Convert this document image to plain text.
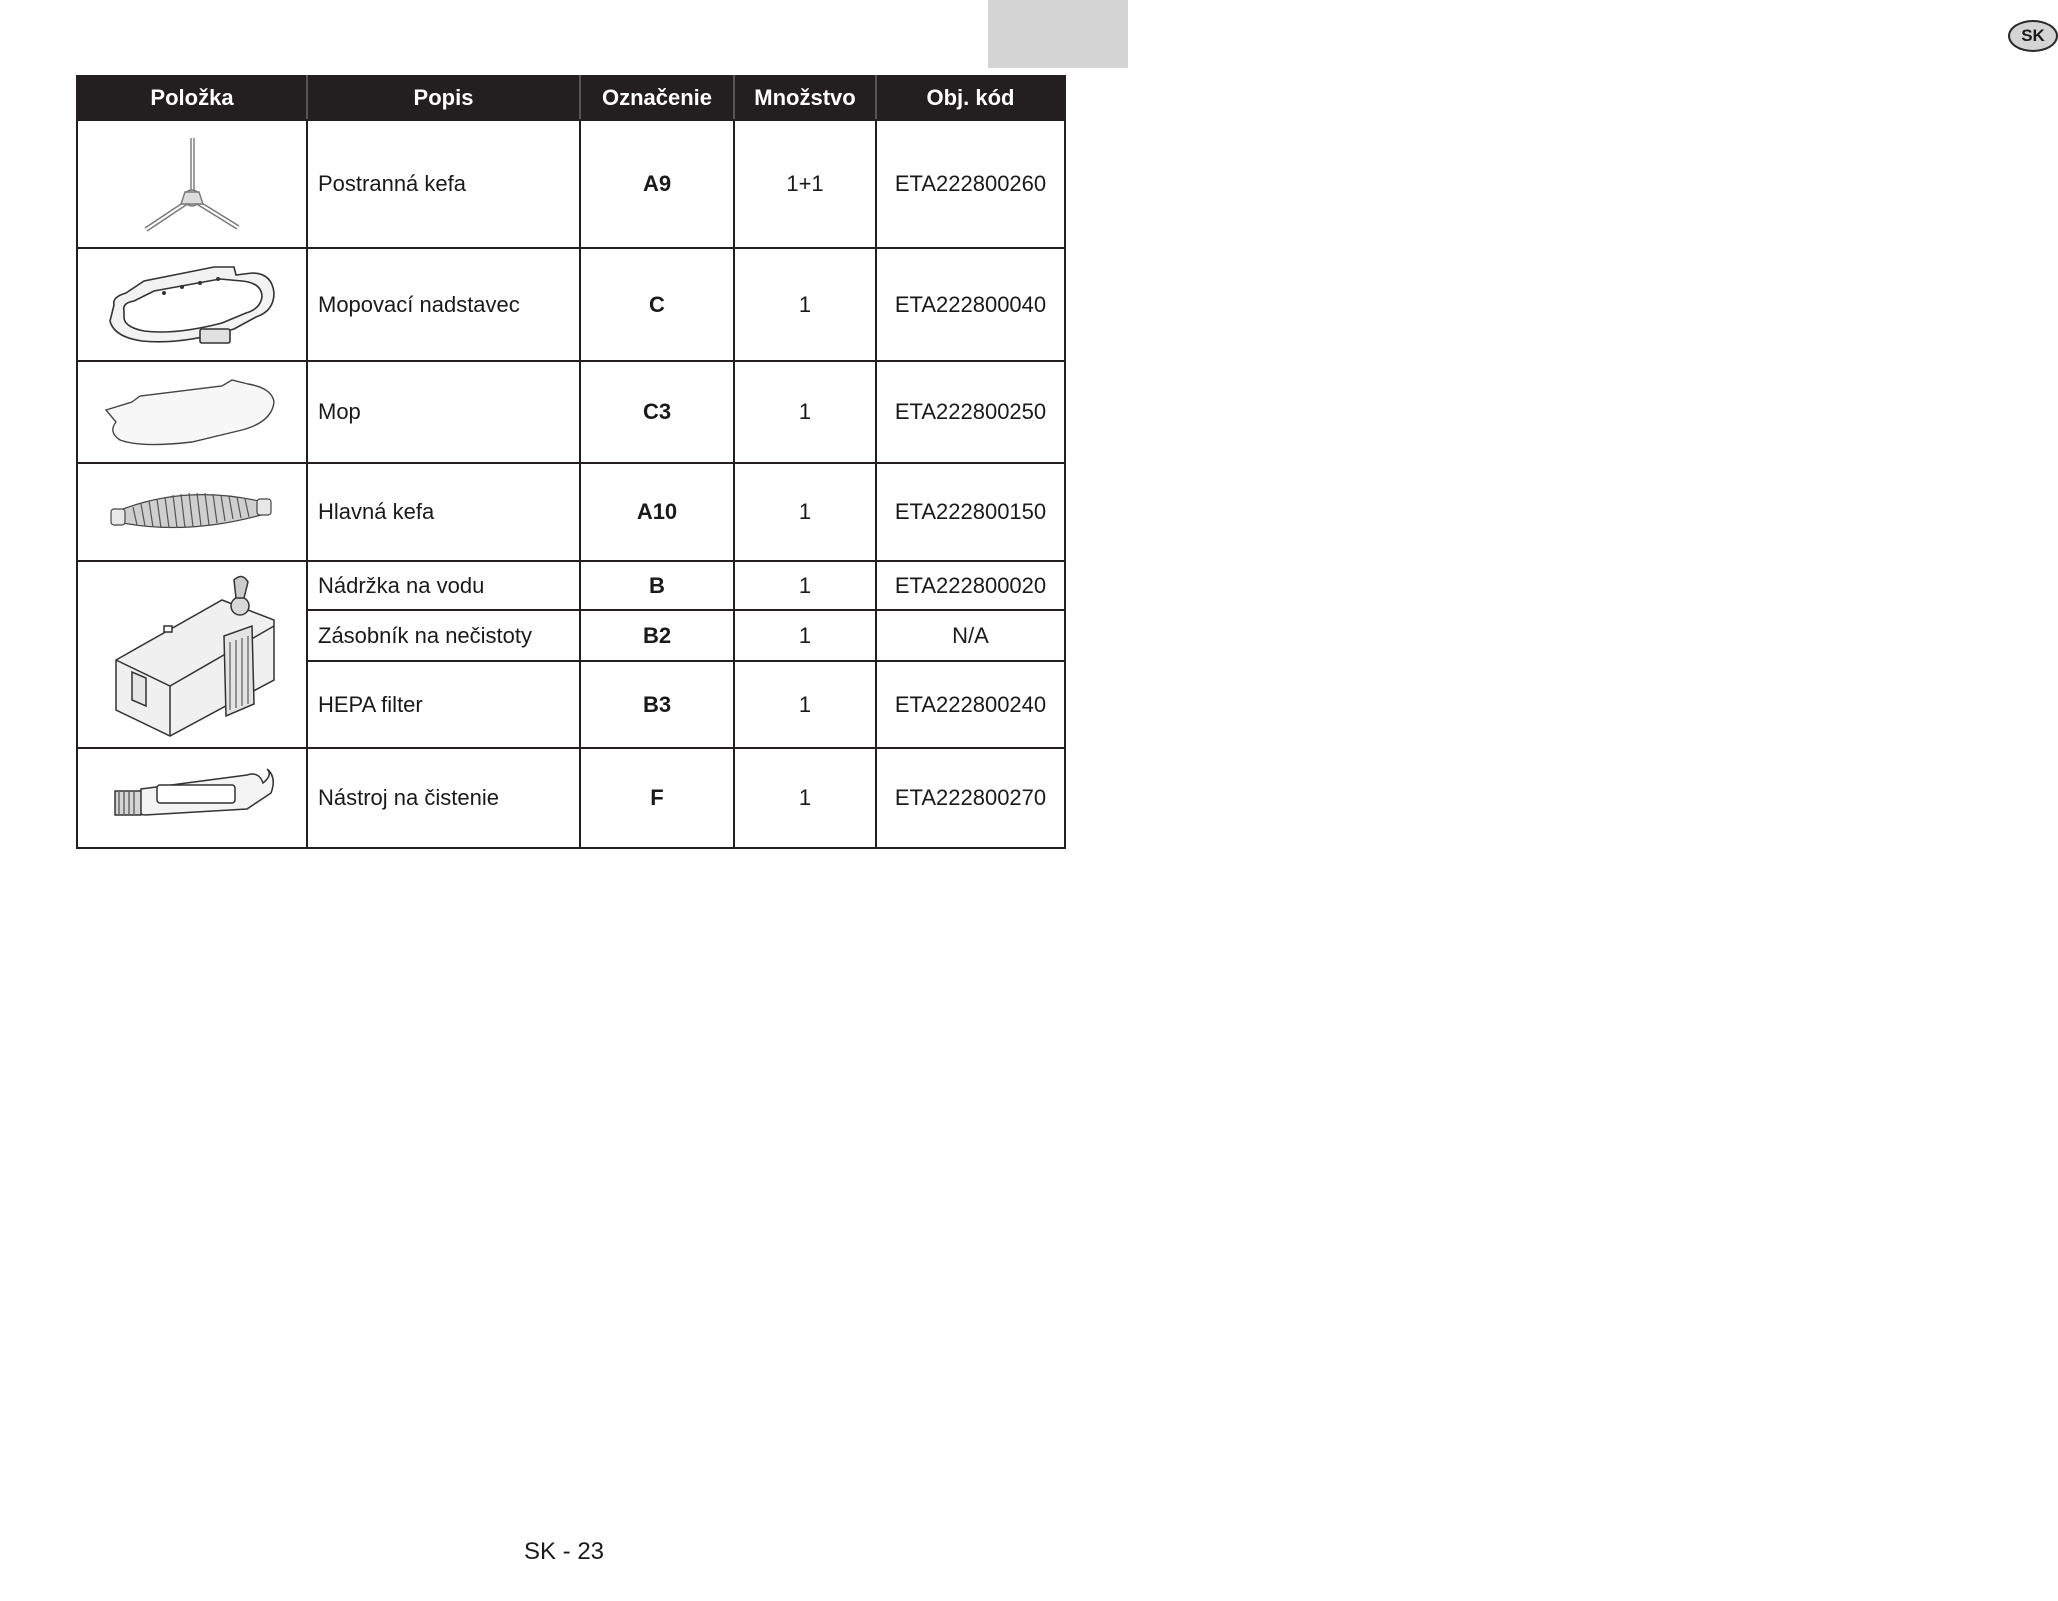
SK
Položka	Popis	Označenie	Množstvo	Obj. kód

	Postranná kefa	A9	1+1	ETA222800260

	Mopovací nadstavec	C	1	ETA222800040

	Mop	C3	1	ETA222800250

	Hlavná kefa	A10	1	ETA222800150

	Nádržka na vodu	B	1	ETA222800020
	Zásobník na nečistoty	B2	1	N/A
	HEPA filter	B3	1	ETA222800240

	Nástroj na čistenie	F	1	ETA222800270
SK - 23
